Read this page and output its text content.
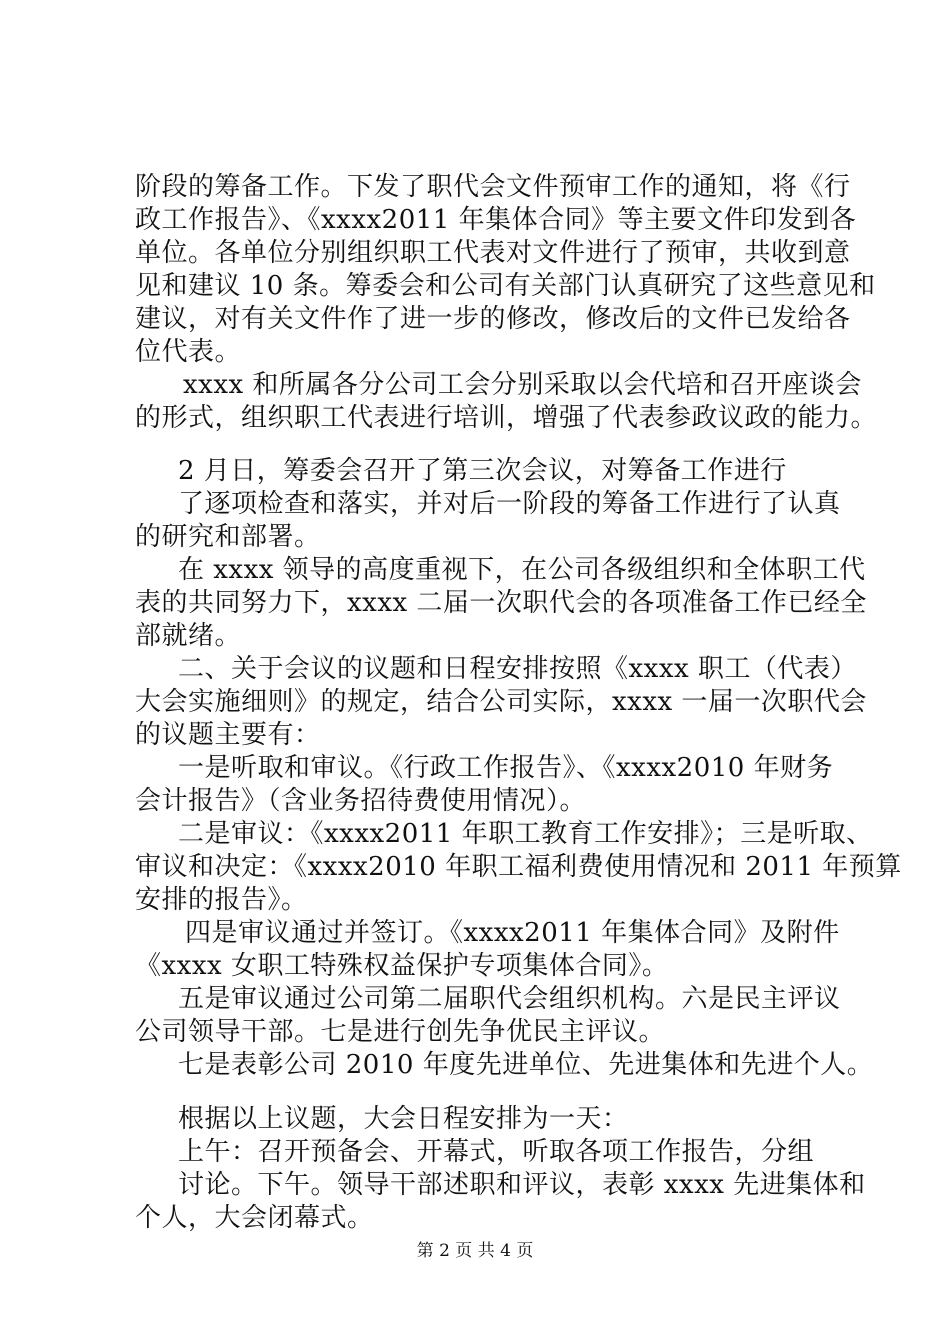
阶段的筹备工作。下发了职代会文件预审工作的通知，将《行
政工作报告》、《xxxx2011 年集体合同》等主要文件印发到各
单位。各单位分别组织职工代表对文件进行了预审，共收到意
见和建议 10 条。筹委会和公司有关部门认真研究了这些意见和
建议，对有关文件作了进一步的修改，修改后的文件已发给各
位代表。
xxxx 和所属各分公司工会分别采取以会代培和召开座谈会
的形式，组织职工代表进行培训，增强了代表参政议政的能力。
2 月日，筹委会召开了第三次会议，对筹备工作进行
了逐项检查和落实，并对后一阶段的筹备工作进行了认真
的研究和部署。
在 xxxx 领导的高度重视下，在公司各级组织和全体职工代
表的共同努力下，xxxx 二届一次职代会的各项准备工作已经全
部就绪。
二、关于会议的议题和日程安排按照《xxxx 职工（代表）
大会实施细则》的规定，结合公司实际，xxxx 一届一次职代会
的议题主要有：
一是听取和审议。《行政工作报告》、《xxxx2010 年财务
会计报告》（含业务招待费使用情况）。
二是审议：《xxxx2011 年职工教育工作安排》；三是听取、
审议和决定：《xxxx2010 年职工福利费使用情况和 2011 年预算
安排的报告》。
四是审议通过并签订。《xxxx2011 年集体合同》及附件
《xxxx 女职工特殊权益保护专项集体合同》。
五是审议通过公司第二届职代会组织机构。六是民主评议
公司领导干部。七是进行创先争优民主评议。
七是表彰公司 2010 年度先进单位、先进集体和先进个人。
根据以上议题，大会日程安排为一天：
上午：召开预备会、开幕式，听取各项工作报告，分组
讨论。下午。领导干部述职和评议，表彰 xxxx 先进集体和
个人，大会闭幕式。
第 2 页 共 4 页
